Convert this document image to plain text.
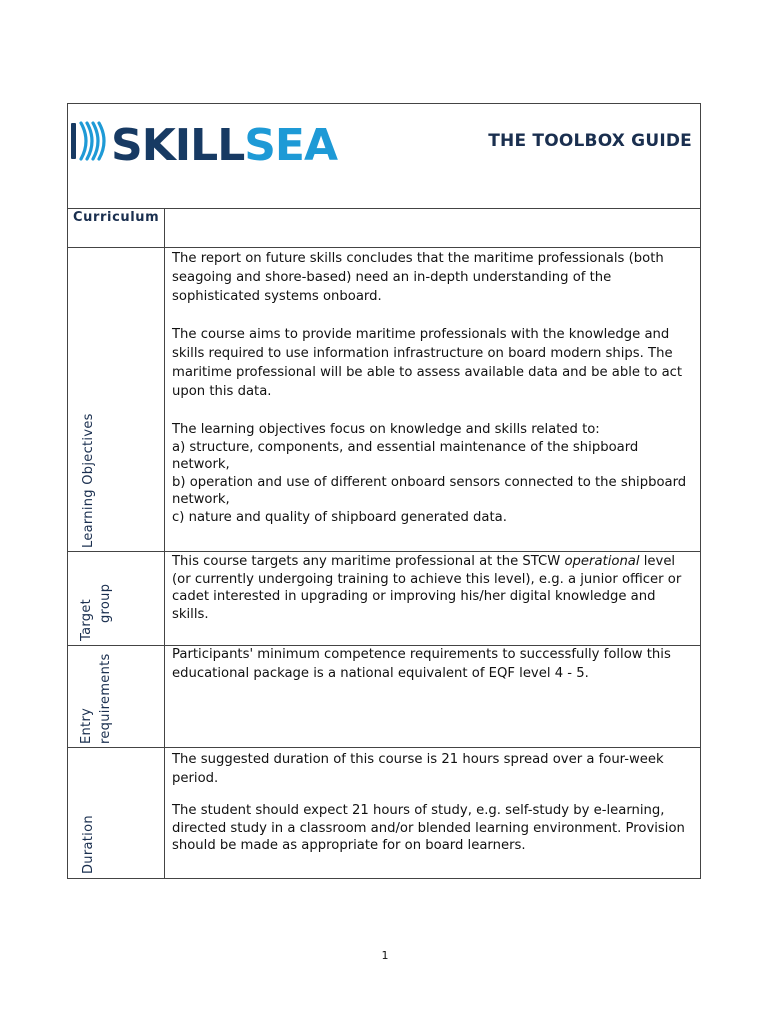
SKILLSEA	THE TOOLBOX GUIDE
Curriculum
Learning Objectives

The report on future skills concludes that the maritime professionals (both seagoing and shore-based) need an in-depth understanding of the sophisticated systems onboard.

The course aims to provide maritime professionals with the knowledge and skills required to use information infrastructure on board modern ships. The maritime professional will be able to assess available data and be able to act upon this data.

The learning objectives focus on knowledge and skills related to:

a) structure, components, and essential maintenance of the shipboard network,

b) operation and use of different onboard sensors connected to the shipboard network,

c) nature and quality of shipboard generated data.

Target group

This course targets any maritime professional at the STCW operational level (or currently undergoing training to achieve this level), e.g. a junior officer or cadet interested in upgrading or improving his/her digital knowledge and skills.

Entry requirements	Participants' minimum competence requirements to successfully follow this educational package is a national equivalent of EQF level 4 - 5.

Duration

The suggested duration of this course is 21 hours spread over a four-week period.

The student should expect 21 hours of study, e.g. self-study by e-learning, directed study in a classroom and/or blended learning environment. Provision should be made as appropriate for on board learners.

1
